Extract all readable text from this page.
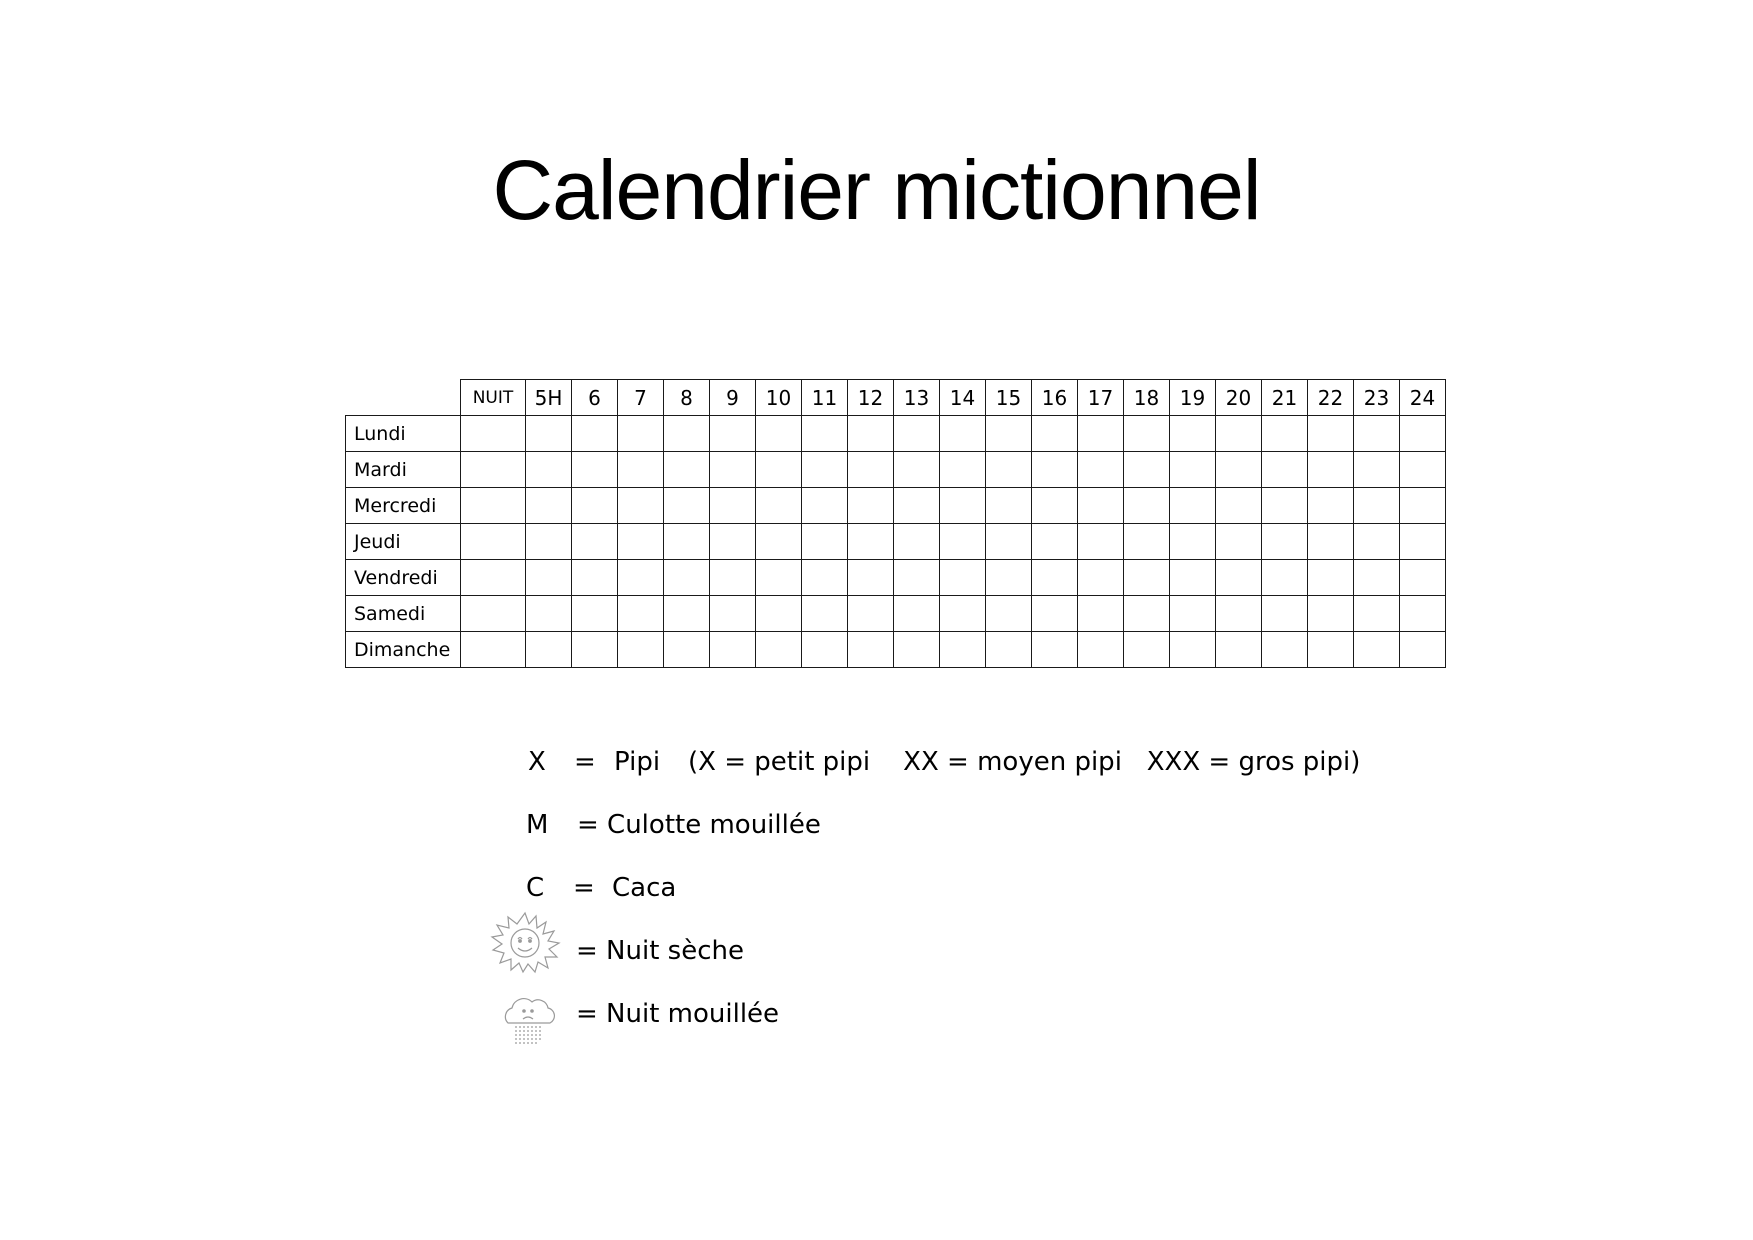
Calendrier mictionnel
	NUIT	5H	6	7	8	9	10	11	12	13	14	15	16	17	18	19	20	21	22	23	24
Lundi																					
Mardi																					
Mercredi																					
Jeudi																					
Vendredi																					
Samedi																					
Dimanche																					
X = Pipi (X = petit pipi    XX = moyen pipi   XXX = gros pipi)
M = Culotte mouillée
C = Caca
= Nuit sèche
= Nuit mouillée
